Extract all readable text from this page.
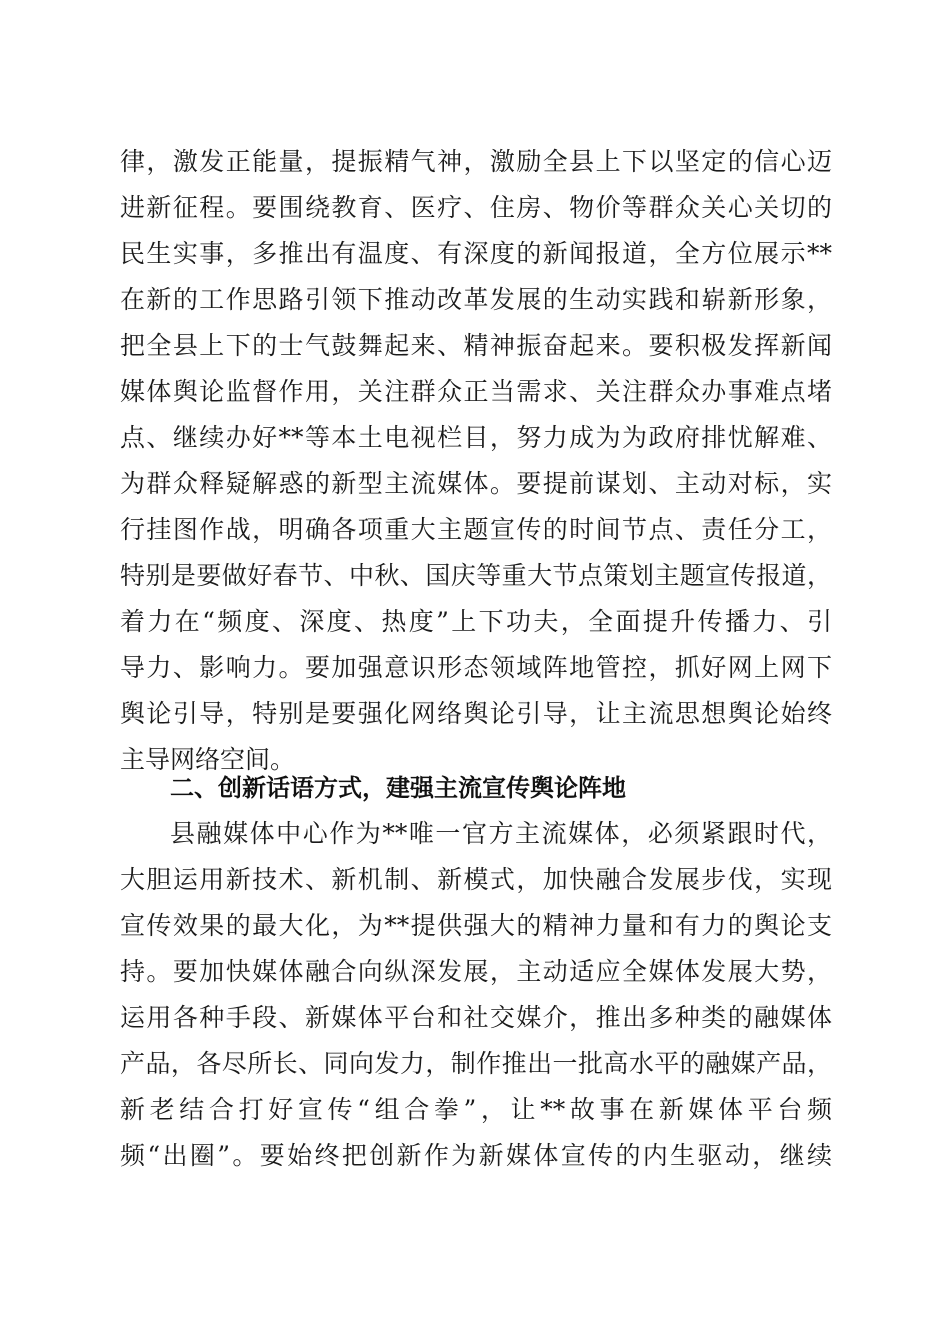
律，激发正能量，提振精气神，激励全县上下以坚定的信心迈
进新征程。要围绕教育、医疗、住房、物价等群众关心关切的
民生实事，多推出有温度、有深度的新闻报道，全方位展示**
在新的工作思路引领下推动改革发展的生动实践和崭新形象，
把全县上下的士气鼓舞起来、精神振奋起来。要积极发挥新闻
媒体舆论监督作用，关注群众正当需求、关注群众办事难点堵
点、继续办好**等本土电视栏目，努力成为为政府排忧解难、
为群众释疑解惑的新型主流媒体。要提前谋划、主动对标，实
行挂图作战，明确各项重大主题宣传的时间节点、责任分工，
特别是要做好春节、中秋、国庆等重大节点策划主题宣传报道，
着力在“频度、深度、热度”上下功夫，全面提升传播力、引
导力、影响力。要加强意识形态领域阵地管控，抓好网上网下
舆论引导，特别是要强化网络舆论引导，让主流思想舆论始终
主导网络空间。
二、创新话语方式，建强主流宣传舆论阵地
县融媒体中心作为**唯一官方主流媒体，必须紧跟时代，
大胆运用新技术、新机制、新模式，加快融合发展步伐，实现
宣传效果的最大化，为**提供强大的精神力量和有力的舆论支
持。要加快媒体融合向纵深发展，主动适应全媒体发展大势，
运用各种手段、新媒体平台和社交媒介，推出多种类的融媒体
产品，各尽所长、同向发力，制作推出一批高水平的融媒产品，
新老结合打好宣传“组合拳”，让**故事在新媒体平台频
频“出圈”。要始终把创新作为新媒体宣传的内生驱动，继续
